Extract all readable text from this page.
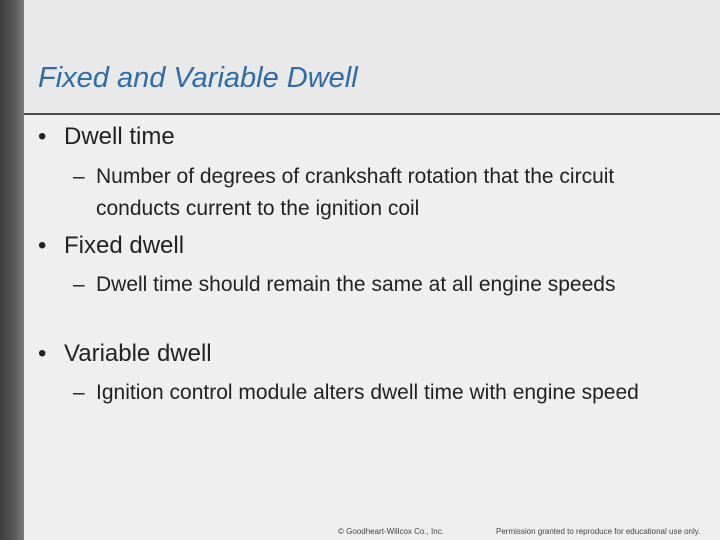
Fixed and Variable Dwell
• Dwell time
– Number of degrees of crankshaft rotation that the circuit conducts current to the ignition coil
• Fixed dwell
– Dwell time should remain the same at all engine speeds
• Variable dwell
– Ignition control module alters dwell time with engine speed
© Goodheart-Willcox Co., Inc.	Permission granted to reproduce for educational use only.
